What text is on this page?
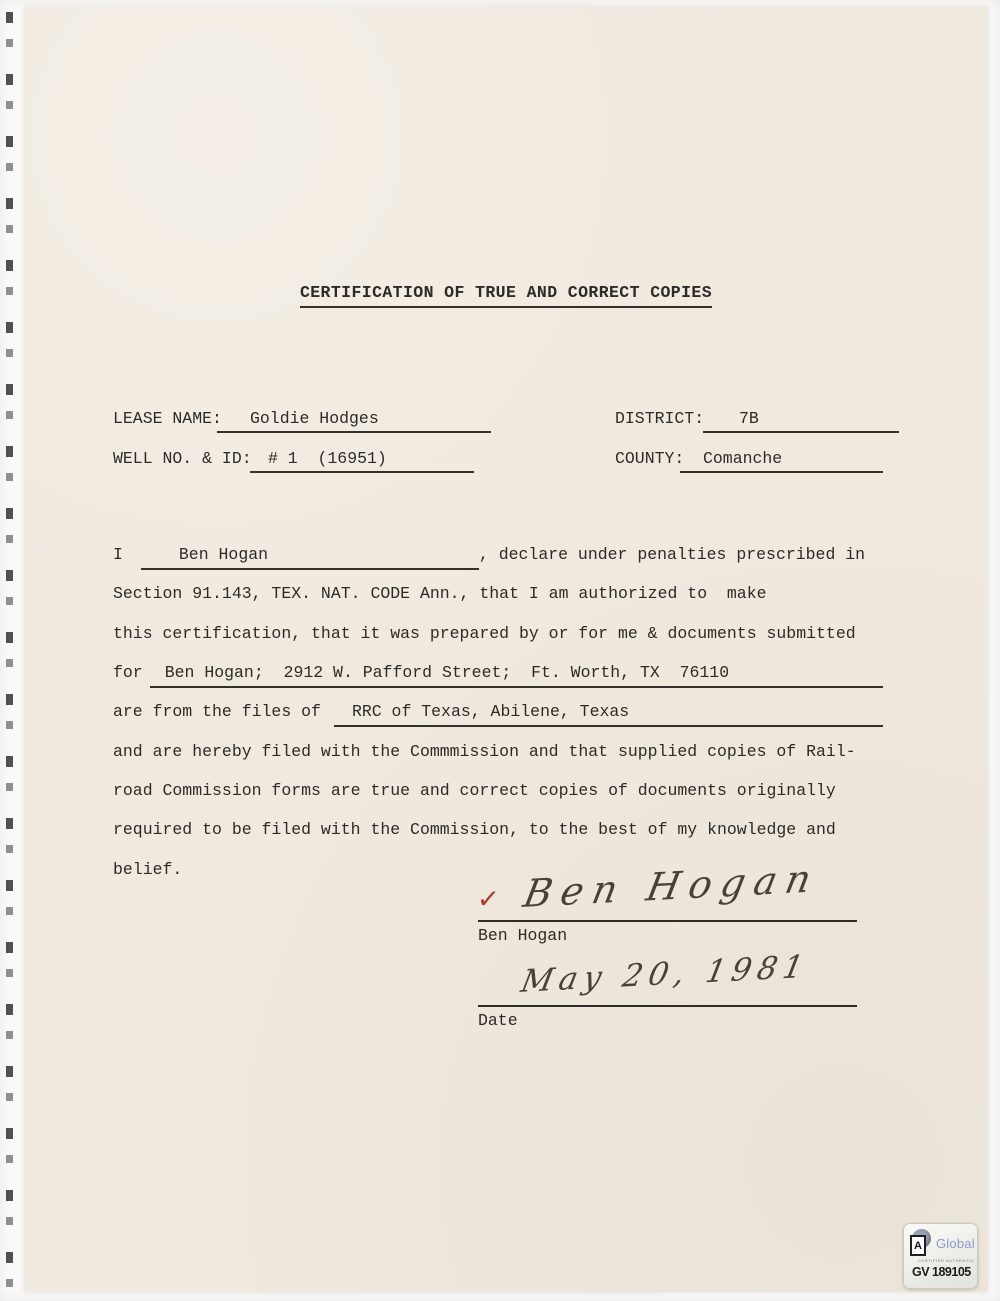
CERTIFICATION OF TRUE AND CORRECT COPIES
LEASE NAME: Goldie Hodges	DISTRICT: 7B
WELL NO. & ID: # 1  (16951)	COUNTY: Comanche
I	Ben Hogan	, declare under penalties prescribed in
Section 91.143, TEX. NAT. CODE Ann., that I am authorized to  make
this certification, that it was prepared by or for me & documents submitted
for	Ben Hogan;  2912 W. Pafford Street;  Ft. Worth, TX  76110
are from the files of	RRC of Texas, Abilene, Texas
and are hereby filed with the Commmission and that supplied copies of Rail-
road Commission forms are true and correct copies of documents originally
required to be filed with the Commission, to the best of my knowledge and
belief.
✓ Ben Hogan
Ben Hogan
May 20, 1981
Date
A	Global
CERTIFIED AUTHENTIC
GV 189105
